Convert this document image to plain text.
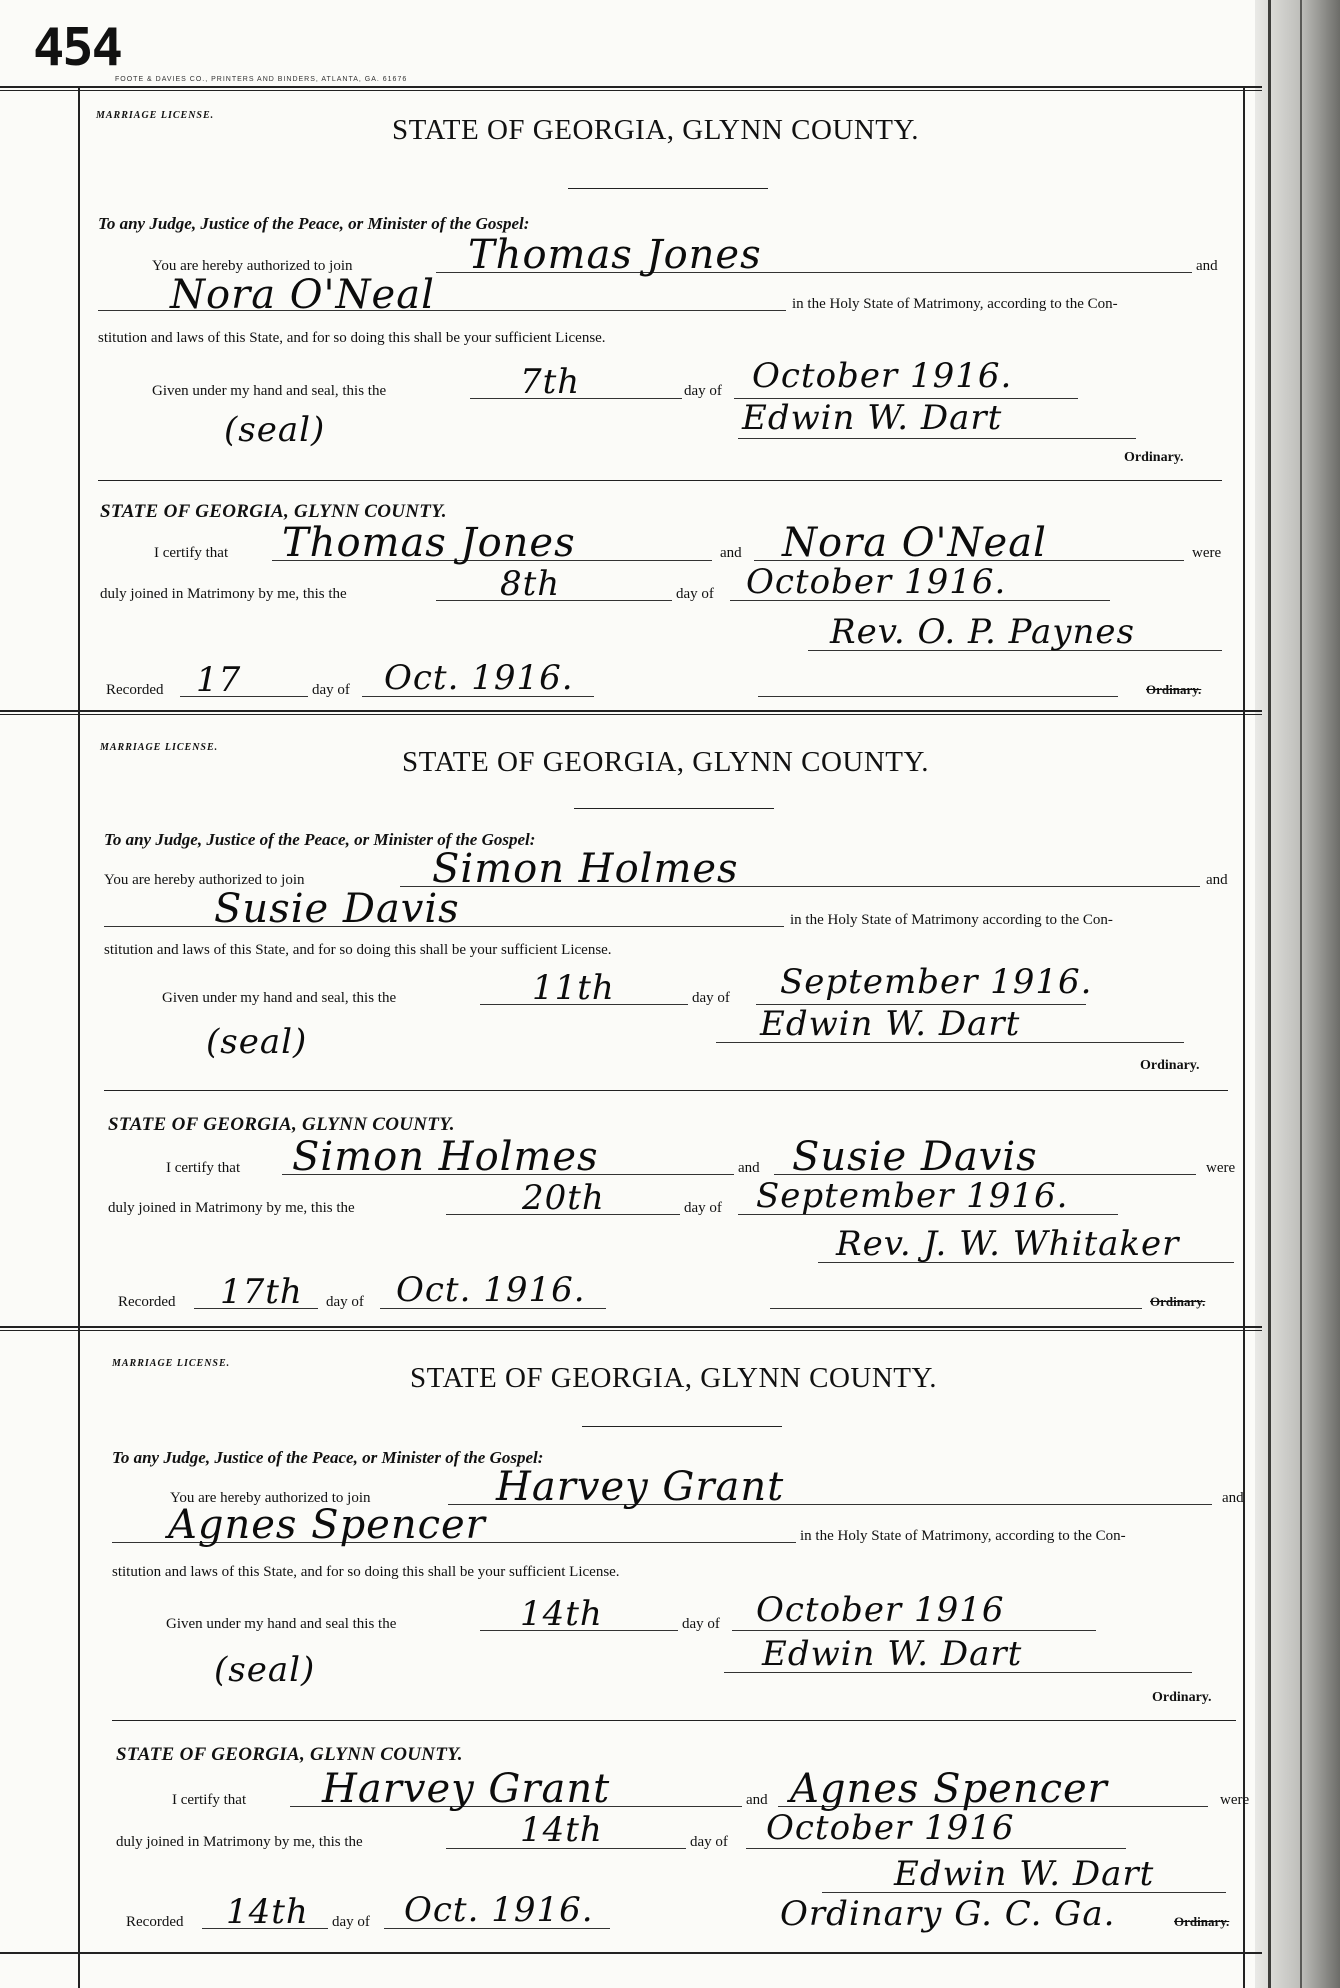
454
FOOTE & DAVIES CO., PRINTERS AND BINDERS, ATLANTA, GA. 61676
MARRIAGE LICENSE.	STATE OF GEORGIA, GLYNN COUNTY.
To any Judge, Justice of the Peace, or Minister of the Gospel:
You are hereby authorized to join	Thomas Jones	and
Nora O'Neal	in the Holy State of Matrimony, according to the Con-
stitution and laws of this State, and for so doing this shall be your sufficient License.
Given under my hand and seal, this the	7th	day of October 1916.
(seal)	Edwin W. Dart
Ordinary.
STATE OF GEORGIA, GLYNN COUNTY.
I certify that Thomas Jones	and Nora O'Neal	were
duly joined in Matrimony by me, this the	8th	day of October 1916.
Rev. O. P. Paynes
Recorded 17	day of Oct. 1916.	Ordinary.
MARRIAGE LICENSE.	STATE OF GEORGIA, GLYNN COUNTY.
To any Judge, Justice of the Peace, or Minister of the Gospel:
You are hereby authorized to join	Simon Holmes	and
Susie Davis	in the Holy State of Matrimony according to the Con-
stitution and laws of this State, and for so doing this shall be your sufficient License.
Given under my hand and seal, this the	11th	day of September 1916.
(seal)	Edwin W. Dart
Ordinary.
STATE OF GEORGIA, GLYNN COUNTY.
I certify that Simon Holmes	and Susie Davis	were
duly joined in Matrimony by me, this the	20th	day of September 1916.
Rev. J. W. Whitaker
Recorded 17th day of Oct. 1916.	Ordinary.
MARRIAGE LICENSE.	STATE OF GEORGIA, GLYNN COUNTY.
To any Judge, Justice of the Peace, or Minister of the Gospel:
You are hereby authorized to join	Harvey Grant	and
Agnes Spencer	in the Holy State of Matrimony, according to the Con-
stitution and laws of this State, and for so doing this shall be your sufficient License.
Given under my hand and seal this the	14th	day of October 1916
(seal)	Edwin W. Dart
Ordinary.
STATE OF GEORGIA, GLYNN COUNTY.
I certify that Harvey Grant	and Agnes Spencer	were
duly joined in Matrimony by me, this the	14th	day of October 1916
Edwin W. Dart
Recorded 14th day of Oct. 1916.	Ordinary G. C. Ga.	Ordinary.
